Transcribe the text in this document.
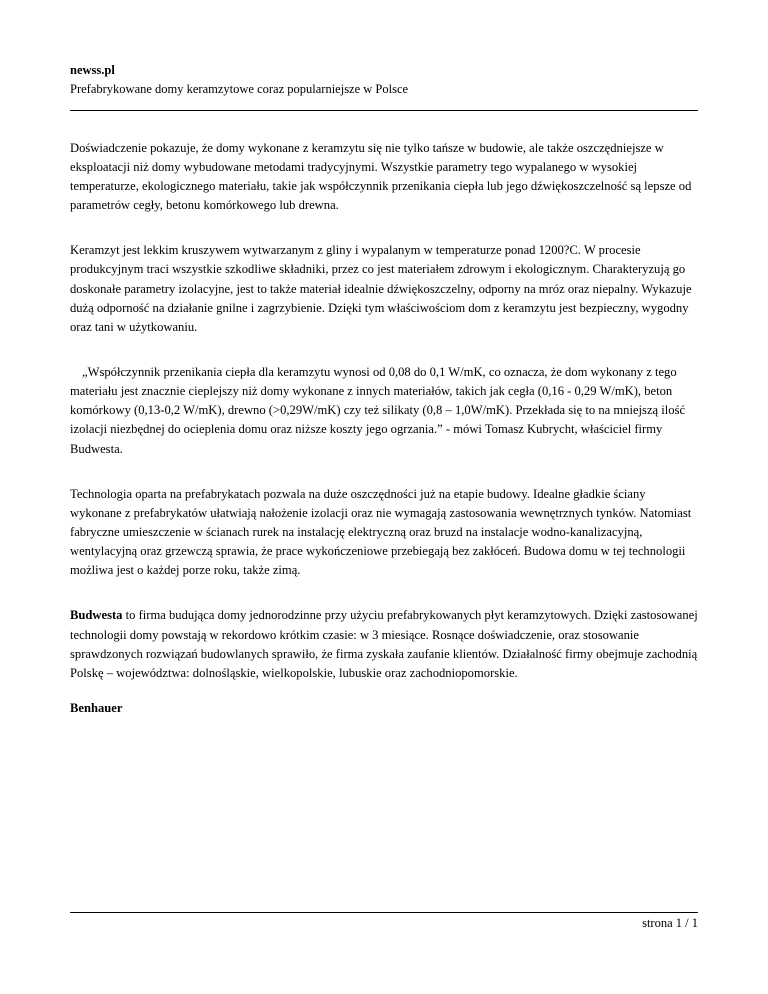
newss.pl
Prefabrykowane domy keramzytowe coraz popularniejsze w Polsce

Doświadczenie pokazuje, że domy wykonane z keramzytu się nie tylko tańsze w budowie, ale także oszczędniejsze w eksploatacji niż domy wybudowane metodami tradycyjnymi. Wszystkie parametry tego wypalanego w wysokiej temperaturze, ekologicznego materiału, takie jak współczynnik przenikania ciepła lub jego dźwiękoszczelność są lepsze od parametrów cegły, betonu komórkowego lub drewna.

Keramzyt jest lekkim kruszywem wytwarzanym z gliny i wypalanym w temperaturze ponad 1200?C. W procesie produkcyjnym traci wszystkie szkodliwe składniki, przez co jest materiałem zdrowym i ekologicznym. Charakteryzują go doskonałe parametry izolacyjne, jest to także materiał idealnie dźwiękoszczelny, odporny na mróz oraz niepalny. Wykazuje dużą odporność na działanie gnilne i zagrzybienie. Dzięki tym właściwościom dom z keramzytu jest bezpieczny, wygodny oraz tani w użytkowaniu.

„Współczynnik przenikania ciepła dla keramzytu wynosi od 0,08 do 0,1 W/mK, co oznacza, że dom wykonany z tego materiału jest znacznie cieplejszy niż domy wykonane z innych materiałów, takich jak cegła (0,16 - 0,29 W/mK), beton komórkowy (0,13-0,2 W/mK), drewno (>0,29W/mK) czy też silikaty (0,8 – 1,0W/mK). Przekłada się to na mniejszą ilość izolacji niezbędnej do ocieplenia domu oraz niższe koszty jego ogrzania.” - mówi Tomasz Kubrycht, właściciel firmy Budwesta.

Technologia oparta na prefabrykatach pozwala na duże oszczędności już na etapie budowy. Idealne gładkie ściany wykonane z prefabrykatów ułatwiają nałożenie izolacji oraz nie wymagają zastosowania wewnętrznych tynków. Natomiast fabryczne umieszczenie w ścianach rurek na instalację elektryczną oraz bruzd na instalacje wodno-kanalizacyjną, wentylacyjną oraz grzewczą sprawia, że prace wykończeniowe przebiegają bez zakłóceń. Budowa domu w tej technologii możliwa jest o każdej porze roku, także zimą.

Budwesta to firma budująca domy jednorodzinne przy użyciu prefabrykowanych płyt keramzytowych. Dzięki zastosowanej technologii domy powstają w rekordowo krótkim czasie: w 3 miesiące. Rosnące doświadczenie, oraz stosowanie sprawdzonych rozwiązań budowlanych sprawiło, że firma zyskała zaufanie klientów. Działalność firmy obejmuje zachodnią Polskę – województwa: dolnośląskie, wielkopolskie, lubuskie oraz zachodniopomorskie.

Benhauer
strona 1 / 1
